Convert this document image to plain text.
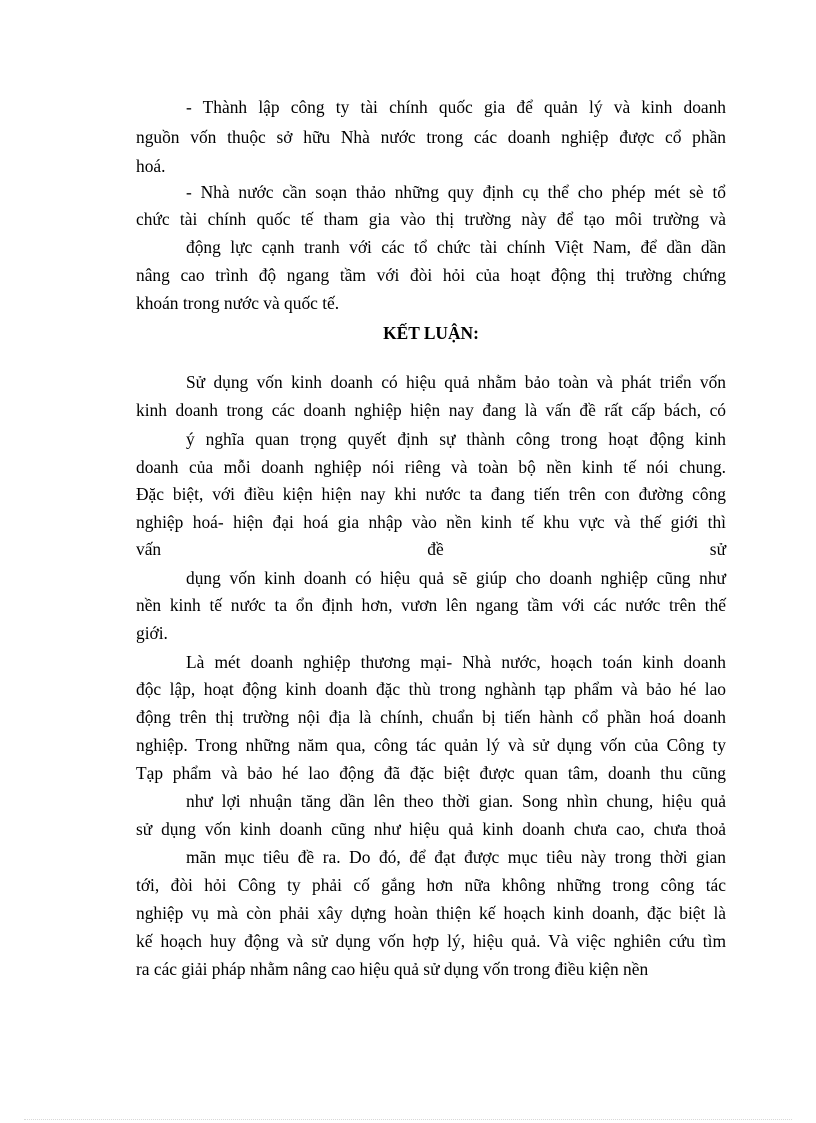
- Thành lập công ty tài chính quốc gia để quản lý và kinh doanh
nguồn vốn thuộc sở hữu Nhà nước trong các doanh nghiệp được cổ phần
hoá.
- Nhà nước cần soạn thảo những quy định cụ thể cho phép mét sè tổ
chức tài chính quốc tế tham gia vào thị trường này để tạo môi trường và
động lực cạnh tranh với các tổ chức tài chính Việt Nam, để dần dần
nâng cao trình độ ngang tầm với đòi hỏi của hoạt động thị trường chứng
khoán trong nước và quốc tế.
KẾT LUẬN:
Sử dụng vốn kinh doanh có hiệu quả nhằm bảo toàn và phát triển vốn
kinh doanh trong các doanh nghiệp hiện nay đang là vấn đề rất cấp bách, có
ý nghĩa quan trọng quyết định sự thành công trong hoạt động kinh
doanh của mỗi doanh nghiệp nói riêng và toàn bộ nền kinh tế nói chung.
Đặc biệt, với điều kiện hiện nay khi nước ta đang tiến trên con đường công
nghiệp hoá- hiện đại hoá gia nhập vào nền kinh tế khu vực và thế giới thì
vấn đề sử
dụng vốn kinh doanh có hiệu quả sẽ giúp cho doanh nghiệp cũng như
nền kinh tế nước ta ổn định hơn, vươn lên ngang tầm với các nước trên thế
giới.
Là mét doanh nghiệp thương mại- Nhà nước, hoạch toán kinh doanh
độc lập, hoạt động kinh doanh đặc thù trong nghành tạp phẩm và bảo hé lao
động trên thị trường nội địa là chính, chuẩn bị tiến hành cổ phần hoá doanh
nghiệp. Trong những năm qua, công tác quản lý và sử dụng vốn của Công ty
Tạp phẩm và bảo hé lao động đã đặc biệt được quan tâm, doanh thu cũng
như lợi nhuận tăng dần lên theo thời gian. Song nhìn chung, hiệu quả
sử dụng vốn kinh doanh cũng như hiệu quả kinh doanh chưa cao, chưa thoả
mãn mục tiêu đề ra. Do đó, để đạt được mục tiêu này trong thời gian
tới, đòi hỏi Công ty phải cố gắng hơn nữa không những trong công tác
nghiệp vụ mà còn phải xây dựng hoàn thiện kế hoạch kinh doanh, đặc biệt là
kế hoạch huy động và sử dụng vốn hợp lý, hiệu quả. Và việc nghiên cứu tìm
ra các giải pháp nhằm nâng cao hiệu quả sử dụng vốn trong điều kiện nền
